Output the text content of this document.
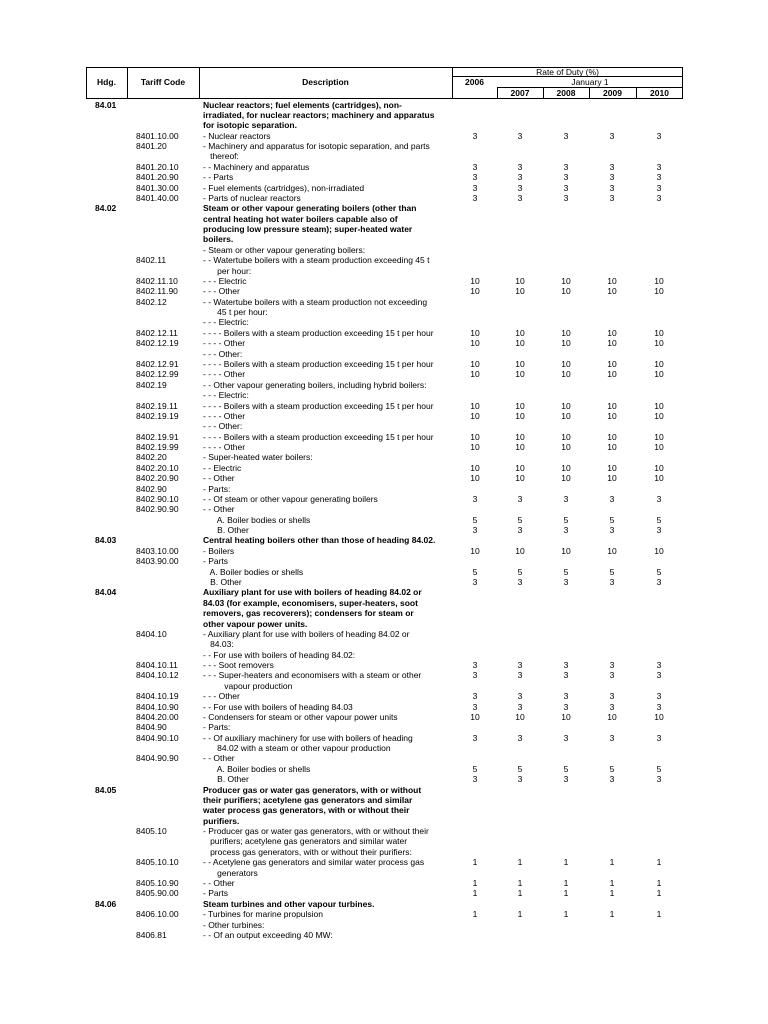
Hdg.	Tariff Code	Description
Rate of Duty (%)
January 1
2006
2007	2008	2009	2010
84.01	Nuclear reactors; fuel elements (cartridges), non-
irradiated, for nuclear reactors; machinery and apparatus
for isotopic separation.
8401.10.00	- Nuclear reactors	3	3	3	3	3
8401.20	- Machinery and apparatus for isotopic separation, and parts
thereof:
8401.20.10	- - Machinery and apparatus	3	3	3	3	3
8401.20.90	- - Parts	3	3	3	3	3
8401.30.00	- Fuel elements (cartridges), non-irradiated	3	3	3	3	3
8401.40.00	- Parts of nuclear reactors	3	3	3	3	3
84.02	Steam or other vapour generating boilers (other than
central heating hot water boilers capable also of
producing low pressure steam); super-heated water
boilers.
- Steam or other vapour generating boilers:
8402.11	- - Watertube boilers with a steam production exceeding 45 t
per hour:
8402.11.10	- - - Electric	10	10	10	10	10
8402.11.90	- - - Other	10	10	10	10	10
8402.12	- - Watertube boilers with a steam production not exceeding
45 t per hour:
- - - Electric:
8402.12.11	- - - - Boilers with a steam production exceeding 15 t per hour	10	10	10	10	10
8402.12.19	- - - - Other	10	10	10	10	10
- - - Other:
8402.12.91	- - - - Boilers with a steam production exceeding 15 t per hour	10	10	10	10	10
8402.12.99	- - - - Other	10	10	10	10	10
8402.19	- - Other vapour generating boilers, including hybrid boilers:
- - - Electric:
8402.19.11	- - - - Boilers with a steam production exceeding 15 t per hour	10	10	10	10	10
8402.19.19	- - - - Other	10	10	10	10	10
- - - Other:
8402.19.91	- - - - Boilers with a steam production exceeding 15 t per hour	10	10	10	10	10
8402.19.99	- - - - Other	10	10	10	10	10
8402.20	- Super-heated water boilers:
8402.20.10	- - Electric	10	10	10	10	10
8402.20.90	- - Other	10	10	10	10	10
8402.90	- Parts:
8402.90.10	- - Of steam or other vapour generating boilers	3	3	3	3	3
8402.90.90	- - Other
A. Boiler bodies or shells	5	5	5	5	5
B. Other	3	3	3	3	3
84.03	Central heating boilers other than those of heading 84.02.
8403.10.00	- Boilers	10	10	10	10	10
8403.90.00	- Parts
A. Boiler bodies or shells	5	5	5	5	5
B. Other	3	3	3	3	3
84.04	Auxiliary plant for use with boilers of heading 84.02 or
84.03 (for example, economisers, super-heaters, soot
removers, gas recoverers); condensers for steam or
other vapour power units.
8404.10	- Auxiliary plant for use with boilers of heading 84.02 or
84.03:
- - For use with boilers of heading 84.02:
8404.10.11	- - - Soot removers	3	3	3	3	3
8404.10.12	- - - Super-heaters and economisers with a steam or other	3	3	3	3	3
vapour production
8404.10.19	- - - Other	3	3	3	3	3
8404.10.90	- - For use with boilers of heading 84.03	3	3	3	3	3
8404.20.00	- Condensers for steam or other vapour power units	10	10	10	10	10
8404.90	- Parts:
8404.90.10	- - Of auxiliary machinery for use with boilers of heading	3	3	3	3	3
84.02 with a steam or other vapour production
8404.90.90	- - Other
A. Boiler bodies or shells	5	5	5	5	5
B. Other	3	3	3	3	3
84.05	Producer gas or water gas generators, with or without
their purifiers; acetylene gas generators and similar
water process gas generators, with or without their
purifiers.
8405.10	- Producer gas or water gas generators, with or without their
purifiers; acetylene gas generators and similar water
process gas generators, with or without their purifiers:
8405.10.10	- - Acetylene gas generators and similar water process gas	1	1	1	1	1
generators
8405.10.90	- - Other	1	1	1	1	1
8405.90.00	- Parts	1	1	1	1	1
84.06	Steam turbines and other vapour turbines.
8406.10.00	- Turbines for marine propulsion	1	1	1	1	1
- Other turbines:
8406.81	- - Of an output exceeding 40 MW:
